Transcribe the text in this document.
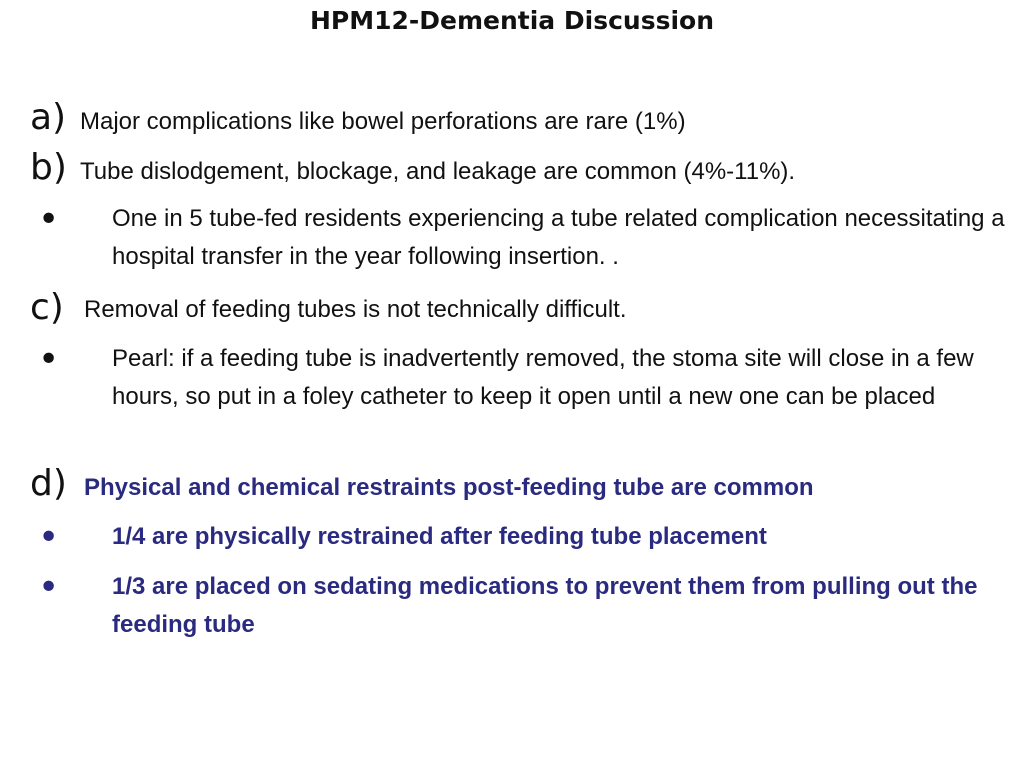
HPM12-Dementia Discussion
a) Major complications like bowel perforations are rare (1%)
b) Tube dislodgement, blockage, and leakage are common (4%-11%).
• One in 5 tube-fed residents experiencing a tube related complication necessitating a hospital transfer in the year following insertion. .
c) Removal of feeding tubes is not technically difficult.
• Pearl: if a feeding tube is inadvertently removed, the stoma site will close in a few hours, so put in a foley catheter to keep it open until a new one can be placed
d) Physical and chemical restraints post-feeding tube are common
• 1/4 are physically restrained after feeding tube placement
• 1/3 are placed on sedating medications to prevent them from pulling out the feeding tube
